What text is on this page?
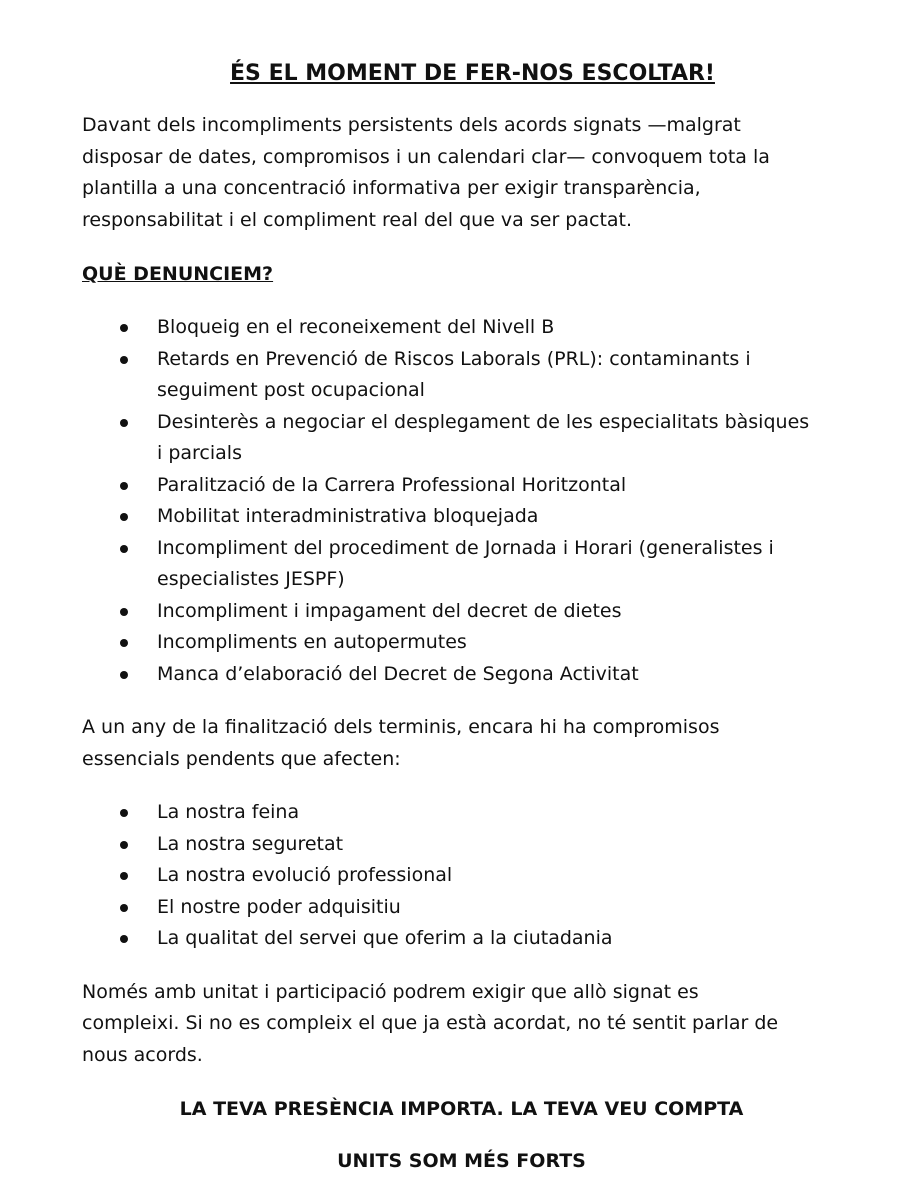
ÉS EL MOMENT DE FER-NOS ESCOLTAR!

Davant dels incompliments persistents dels acords signats —malgrat disposar de dates, compromisos i un calendari clar— convoquem tota la plantilla a una concentració informativa per exigir transparència, responsabilitat i el compliment real del que va ser pactat.

QUÈ DENUNCIEM?
Bloqueig en el reconeixement del Nivell B
Retards en Prevenció de Riscos Laborals (PRL): contaminants i seguiment post ocupacional
Desinterès a negociar el desplegament de les especialitats bàsiques i parcials
Paralització de la Carrera Professional Horitzontal
Mobilitat interadministrativa bloquejada
Incompliment del procediment de Jornada i Horari (generalistes i especialistes JESPF)
Incompliment i impagament del decret de dietes
Incompliments en autopermutes
Manca d’elaboració del Decret de Segona Activitat

A un any de la finalització dels terminis, encara hi ha compromisos essencials pendents que afecten:

La nostra feina
La nostra seguretat
La nostra evolució professional
El nostre poder adquisitiu
La qualitat del servei que oferim a la ciutadania

Només amb unitat i participació podrem exigir que allò signat es compleixi. Si no es compleix el que ja està acordat, no té sentit parlar de nous acords.

LA TEVA PRESÈNCIA IMPORTA. LA TEVA VEU COMPTA
UNITS SOM MÉS FORTS
